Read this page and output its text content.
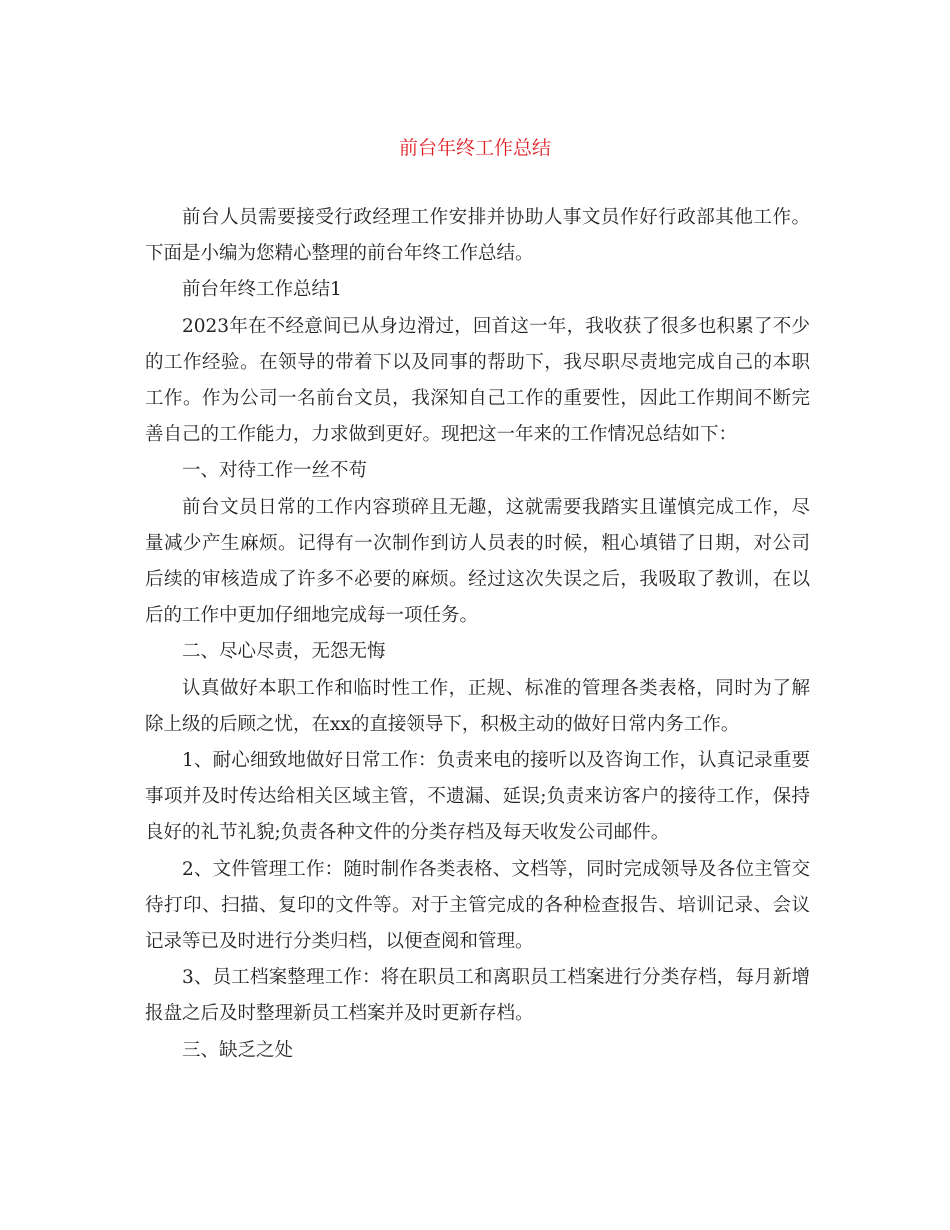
前台年终工作总结

前台人员需要接受行政经理工作安排并协助人事文员作好行政部其他工作。下面是小编为您精心整理的前台年终工作总结。

前台年终工作总结1

2023年在不经意间已从身边滑过，回首这一年，我收获了很多也积累了不少的工作经验。在领导的带着下以及同事的帮助下，我尽职尽责地完成自己的本职工作。作为公司一名前台文员，我深知自己工作的重要性，因此工作期间不断完善自己的工作能力，力求做到更好。现把这一年来的工作情况总结如下：

一、对待工作一丝不苟

前台文员日常的工作内容琐碎且无趣，这就需要我踏实且谨慎完成工作，尽量减少产生麻烦。记得有一次制作到访人员表的时候，粗心填错了日期，对公司后续的审核造成了许多不必要的麻烦。经过这次失误之后，我吸取了教训，在以后的工作中更加仔细地完成每一项任务。

二、尽心尽责，无怨无悔

认真做好本职工作和临时性工作，正规、标准的管理各类表格，同时为了解除上级的后顾之忧，在xx的直接领导下，积极主动的做好日常内务工作。

1、耐心细致地做好日常工作：负责来电的接听以及咨询工作，认真记录重要事项并及时传达给相关区域主管，不遗漏、延误;负责来访客户的接待工作，保持良好的礼节礼貌;负责各种文件的分类存档及每天收发公司邮件。

2、文件管理工作：随时制作各类表格、文档等，同时完成领导及各位主管交待打印、扫描、复印的文件等。对于主管完成的各种检查报告、培训记录、会议记录等已及时进行分类归档，以便查阅和管理。

3、员工档案整理工作：将在职员工和离职员工档案进行分类存档，每月新增报盘之后及时整理新员工档案并及时更新存档。

三、缺乏之处
